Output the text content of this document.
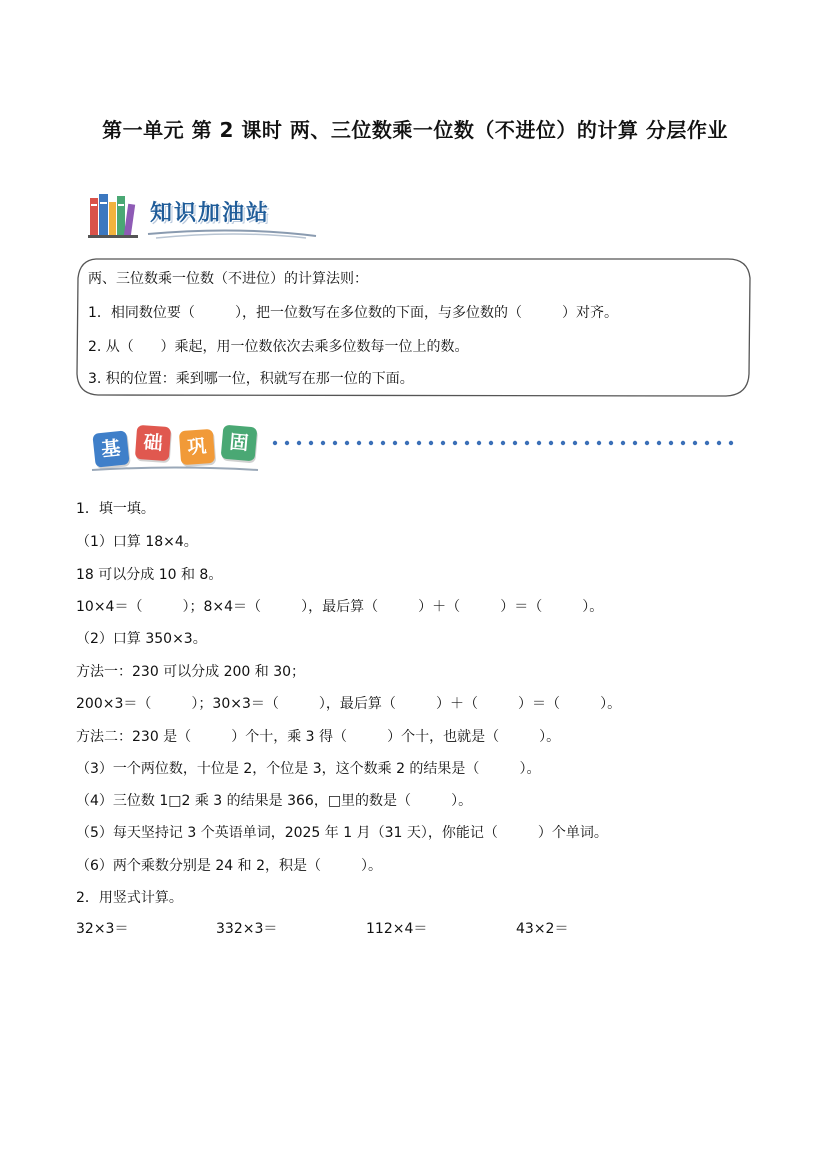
第一单元 第 2 课时 两、三位数乘一位数（不进位）的计算 分层作业
知识加油站
两、三位数乘一位数（不进位）的计算法则：
1．相同数位要（         ），把一位数写在多位数的下面，与多位数的（         ）对齐。
2. 从（      ）乘起，用一位数依次去乘多位数每一位上的数。
3. 积的位置：乘到哪一位，积就写在那一位的下面。
基	础	巩	固
1．填一填。
（1）口算 18×4。
18 可以分成 10 和 8。
10×4＝（         ）；8×4＝（         ），最后算（         ）＋（         ）＝（         ）。
（2）口算 350×3。
方法一：230 可以分成 200 和 30；
200×3＝（         ）；30×3＝（         ），最后算（         ）＋（         ）＝（         ）。
方法二：230 是（         ）个十，乘 3 得（         ）个十，也就是（         ）。
（3）一个两位数，十位是 2，个位是 3，这个数乘 2 的结果是（         ）。
（4）三位数 1□2 乘 3 的结果是 366，□里的数是（         ）。
（5）每天坚持记 3 个英语单词，2025 年 1 月（31 天），你能记（         ）个单词。
（6）两个乘数分别是 24 和 2，积是（         ）。
2．用竖式计算。
32×3＝	332×3＝	112×4＝	43×2＝
